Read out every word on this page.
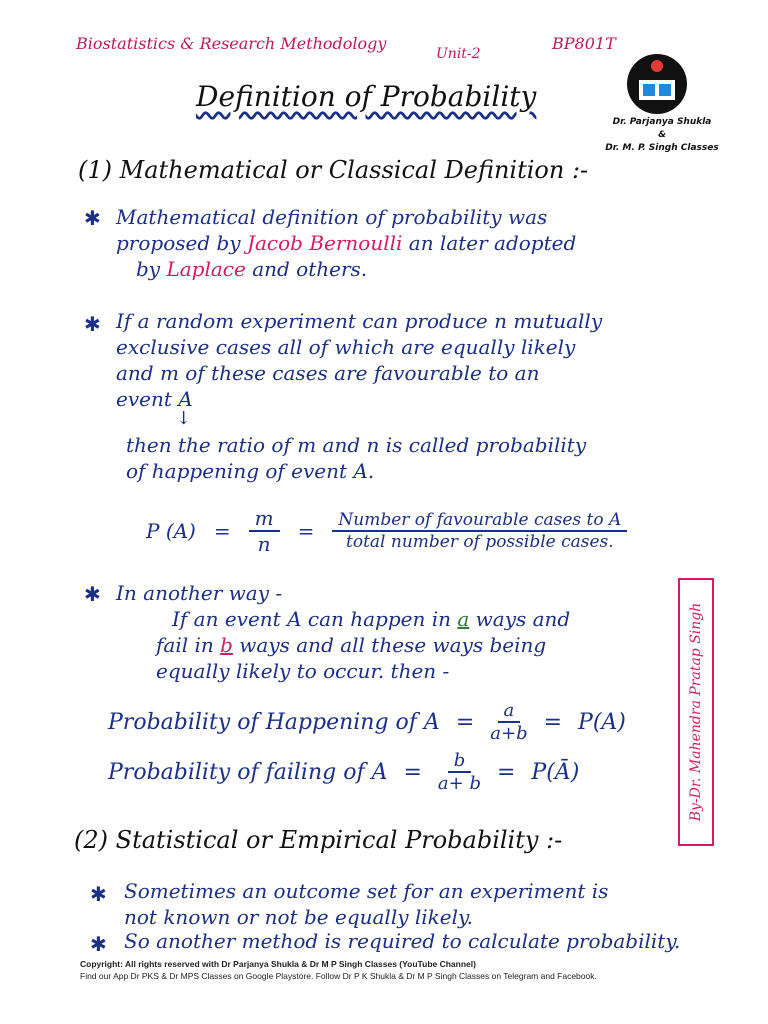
Biostatistics & Research Methodology
Unit-2
BP801T
Dr. Parjanya Shukla
&
Dr. M. P. Singh Classes
Definition of Probability
(1) Mathematical or Classical Definition :-
✱ Mathematical definition of probability was
proposed by Jacob Bernoulli an later adopted
by Laplace and others.
✱ If a random experiment can produce n mutually
exclusive cases all of which are equally likely
and m of these cases are favourable to an
event A
↓
then the ratio of m and n is called probability
of happening of event A.
P $(A) = \frac{m}{n} = \frac{\text{Number of favourable cases to A}}{\text{total number of possible cases.}}$
✱ In another way -
If an event A can happen in a ways and
fail in b ways and all these ways being
equally likely to occur. then -
Probability of Happening of $A = \frac{a}{a+b} = P(A)$
Probability of failing of $A = \frac{b}{a+ b}$ = P(Ā)	By-Dr. Mahendra Pratap Singh
(2) Statistical or Empirical Probability :-
✱ Sometimes an outcome set for an experiment is
not known or not be equally likely.
✱ So another method is required to calculate probability.
Copyright: All rights reserved with Dr Parjanya Shukla & Dr M P Singh Classes (YouTube Channel)
Find our App Dr PKS & Dr MPS Classes on Google Playstore. Follow Dr P K Shukla & Dr M P Singh Classes on Telegram and Facebook.
